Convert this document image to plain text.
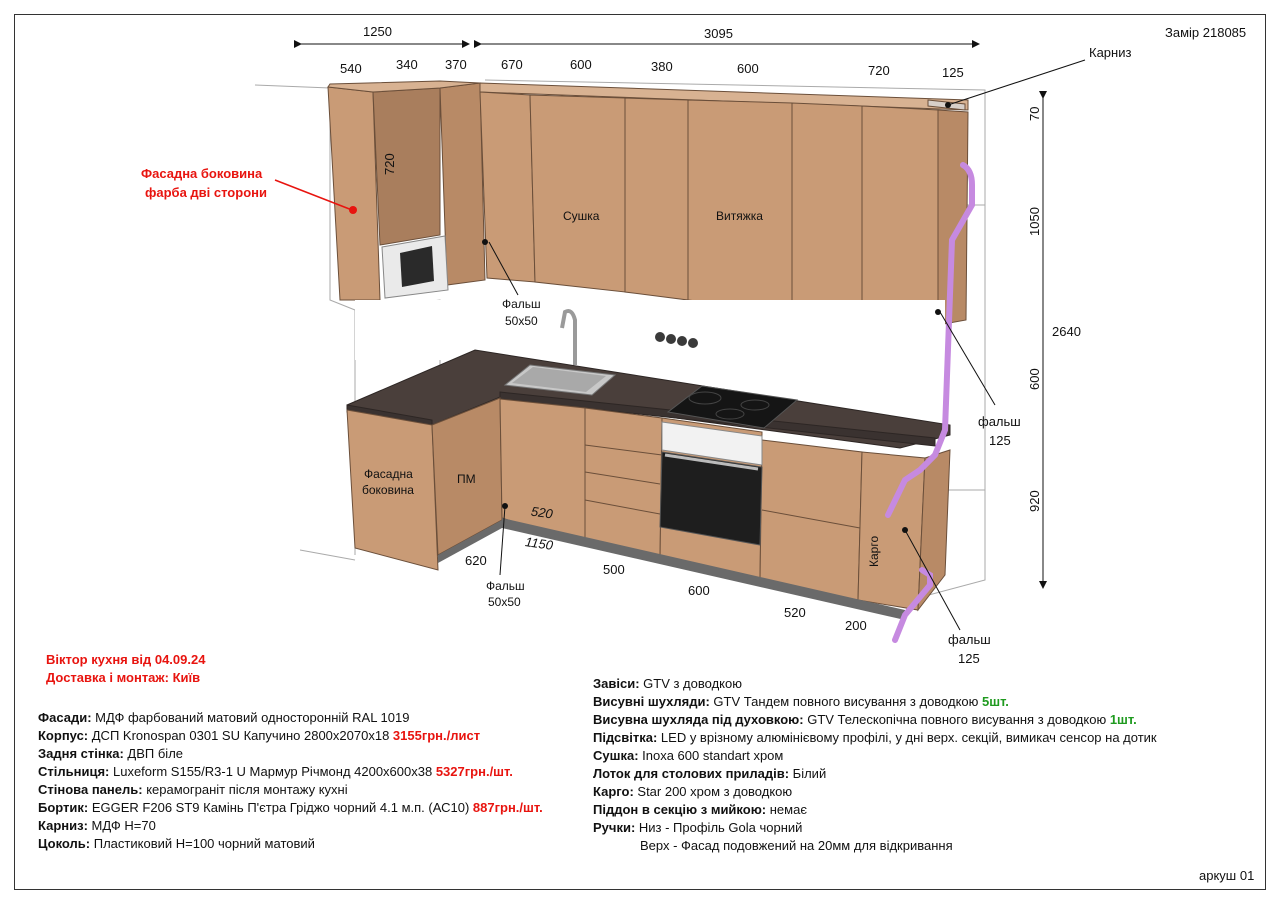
Замір 218085
1250	3095
540	340 370	670	600	380	600	720	125
Карниз
70
1050
2640
600
920
720
Фасадна боковина
фарба дві сторони
Сушка	Витяжка
Фальш
50x50
фальш
125
Фасадна
боковина
ПМ
Карго
520
1150
620
500
600
520
200
Фальш
50x50
фальш
125
Віктор кухня від 04.09.24
Доставка і монтаж: Київ
Фасади: МДФ фарбований матовий односторонній RAL 1019
Корпус: ДСП Kronospan 0301 SU Капучино 2800х2070х18 3155грн./лист
Задня стінка: ДВП біле
Стільниця: Luxeform S155/R3-1 U Мармур Річмонд 4200х600х38 5327грн./шт.
Стінова панель: керамограніт після монтажу кухні
Бортик: EGGER F206 ST9 Камінь П'єтра Гріджо чорний 4.1 м.п. (АС10) 887грн./шт.
Карниз: МДФ Н=70
Цоколь: Пластиковий Н=100 чорний матовий
Завіси: GTV з доводкою
Висувні шухляди: GTV Тандем повного висування з доводкою 5шт.
Висувна шухляда під духовкою: GTV Телескопічна повного висування з доводкою 1шт.
Підсвітка: LED у врізному алюмінієвому профілі, у дні верх. секцій, вимикач сенсор на дотик
Сушка: Inoxa 600 standart хром
Лоток для столових приладів: Білий
Карго: Star 200 хром з доводкою
Піддон в секцію з мийкою: немає
Ручки: Низ - Профіль Gola чорний
Верх - Фасад подовжений на 20мм для відкривання
аркуш 01
